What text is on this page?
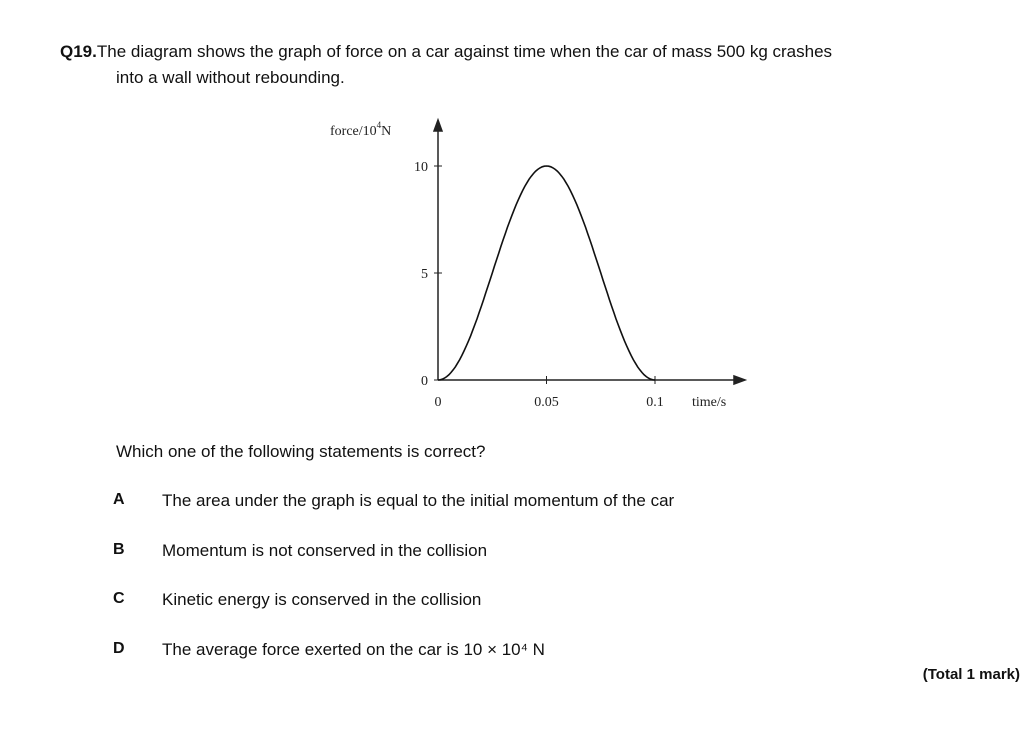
Q19.The diagram shows the graph of force on a car against time when the car of mass 500 kg crashes
into a wall without rebounding.
force/$10^4N$
time/s
0	0.05	0.1
0
5
10
Which one of the following statements is correct?
A The area under the graph is equal to the initial momentum of the car
B Momentum is not conserved in the collision
C Kinetic energy is conserved in the collision
D The average force exerted on the car is 10 × 10⁴ N
(Total 1 mark)
